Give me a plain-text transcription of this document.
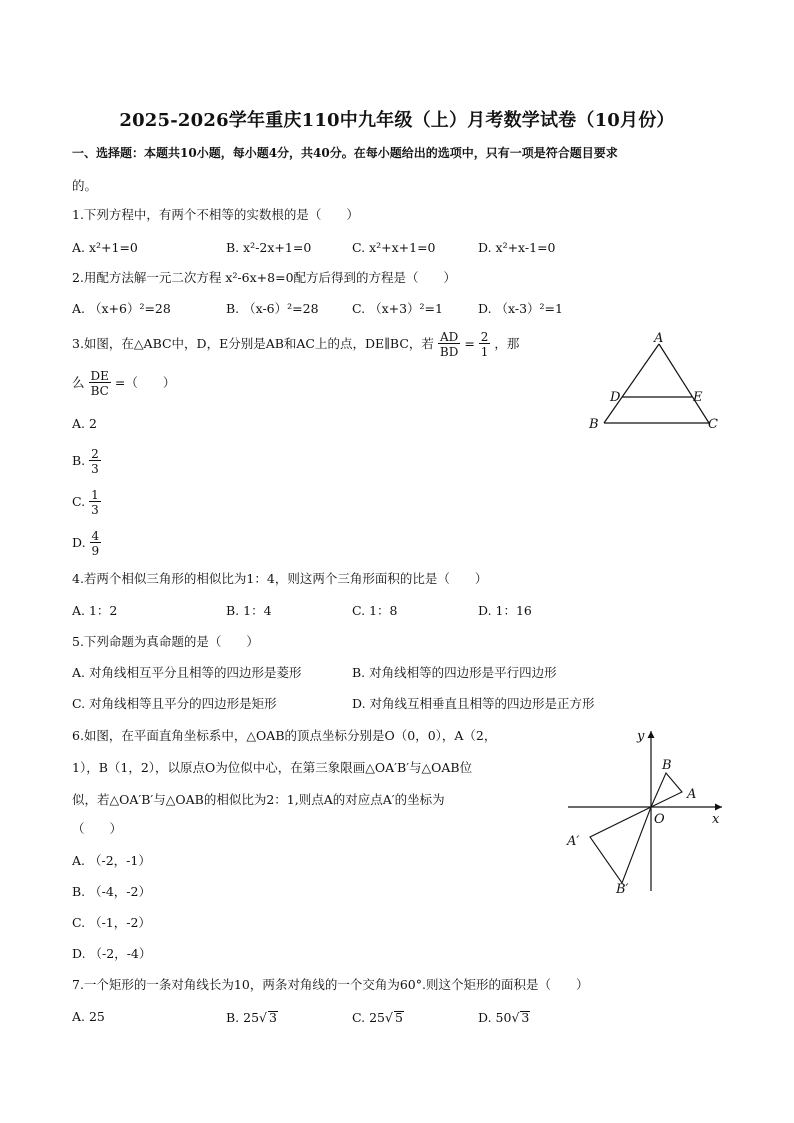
2025-2026学年重庆110中九年级（上）月考数学试卷（10月份）
一、选择题：本题共10小题，每小题4分，共40分。在每小题给出的选项中，只有一项是符合题目要求
的。
1.下列方程中，有两个不相等的实数根的是（　　）
A. x²+1=0	B. x²-2x+1=0	C. x²+x+1=0	D. x²+x-1=0
2.用配方法解一元二次方程 x²-6x+8=0配方后得到的方程是（　　）
A. （x+6）²=28	B. （x-6）²=28	C. （x+3）²=1	D. （x-3）²=1
3.如图，在△ABC中，D，E分别是AB和AC上的点，DE∥BC，若 $\frac{AD}{BD} = \frac{2}{1}$ ，那
么 $\frac{DE}{BC}$ =（　　）
A. 2
B. $\frac{2}{3}$
C. $\frac{1}{3}$
D. $\frac{4}{9}$
A
D	E
B	C
4.若两个相似三角形的相似比为1：4，则这两个三角形面积的比是（　　）
A. 1：2	B. 1：4	C. 1：8	D. 1：16
5.下列命题为真命题的是（　　）
A. 对角线相互平分且相等的四边形是菱形	B. 对角线相等的四边形是平行四边形
C. 对角线相等且平分的四边形是矩形	D. 对角线互相垂直且相等的四边形是正方形
6.如图，在平面直角坐标系中，△OAB的顶点坐标分别是O（0，0），A（2，
1），B（1，2），以原点O为位似中心，在第三象限画△OA′B′与△OAB位
似，若△OA′B′与△OAB的相似比为2：1,则点A的对应点A′的坐标为
（　　）
A. （-2，-1）
B. （-4，-2）
C. （-1，-2）
D. （-2，-4）
y
x
O
A
B
A′
B′
7.一个矩形的一条对角线长为10，两条对角线的一个交角为60°.则这个矩形的面积是（　　）
A. 25	B. 25√ 3	C. 25√ 5	D. 50√ 3
